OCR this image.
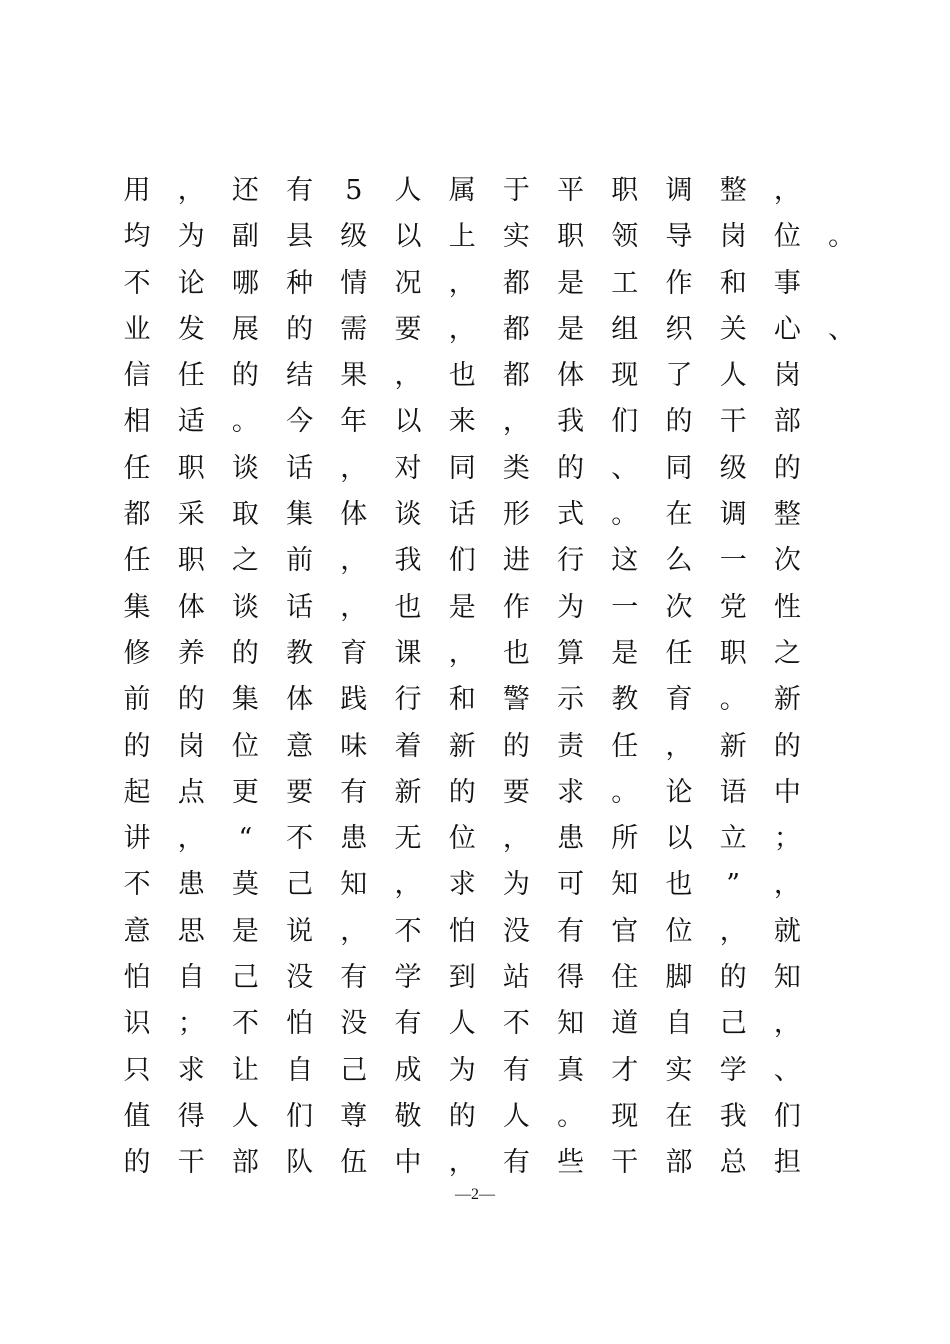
用 ， 还 有	5	人 属 于 平 职 调 整 ，
均 为 副 县 级 以 上 实 职 领 导 岗 位 。
不 论 哪 种 情 况 ， 都 是 工 作 和 事
业 发 展 的 需 要 ， 都 是 组 织 关 心 、
信 任 的 结 果 ， 也 都 体 现 了 人 岗
相 适 。 今 年 以 来 ， 我 们 的 干 部
任 职 谈 话 ， 对 同 类 的 、 同 级 的
都 采 取 集 体 谈 话 形 式 。 在 调 整
任 职 之 前 ， 我 们 进 行 这 么 一 次
集 体 谈 话 ， 也 是 作 为 一 次 党 性
修 养 的 教 育 课 ， 也 算 是 任 职 之
前 的 集 体 践 行 和 警 示 教 育 。 新
的 岗 位 意 味 着 新 的 责 任 ， 新 的
起 点 更 要 有 新 的 要 求 。 论 语 中
讲 ，	“	不 患 无 位 ， 患 所 以 立 ；
不 患 莫 己 知 ， 求 为 可 知 也	”	，
意 思 是 说 ， 不 怕 没 有 官 位 ， 就
怕 自 己 没 有 学 到 站 得 住 脚 的 知
识 ； 不 怕 没 有 人 不 知 道 自 己 ，
只 求 让 自 己 成 为 有 真 才 实 学 、
值 得 人 们 尊 敬 的 人 。 现 在 我 们
的 干 部 队 伍 中 ， 有 些 干 部 总 担
—2—
